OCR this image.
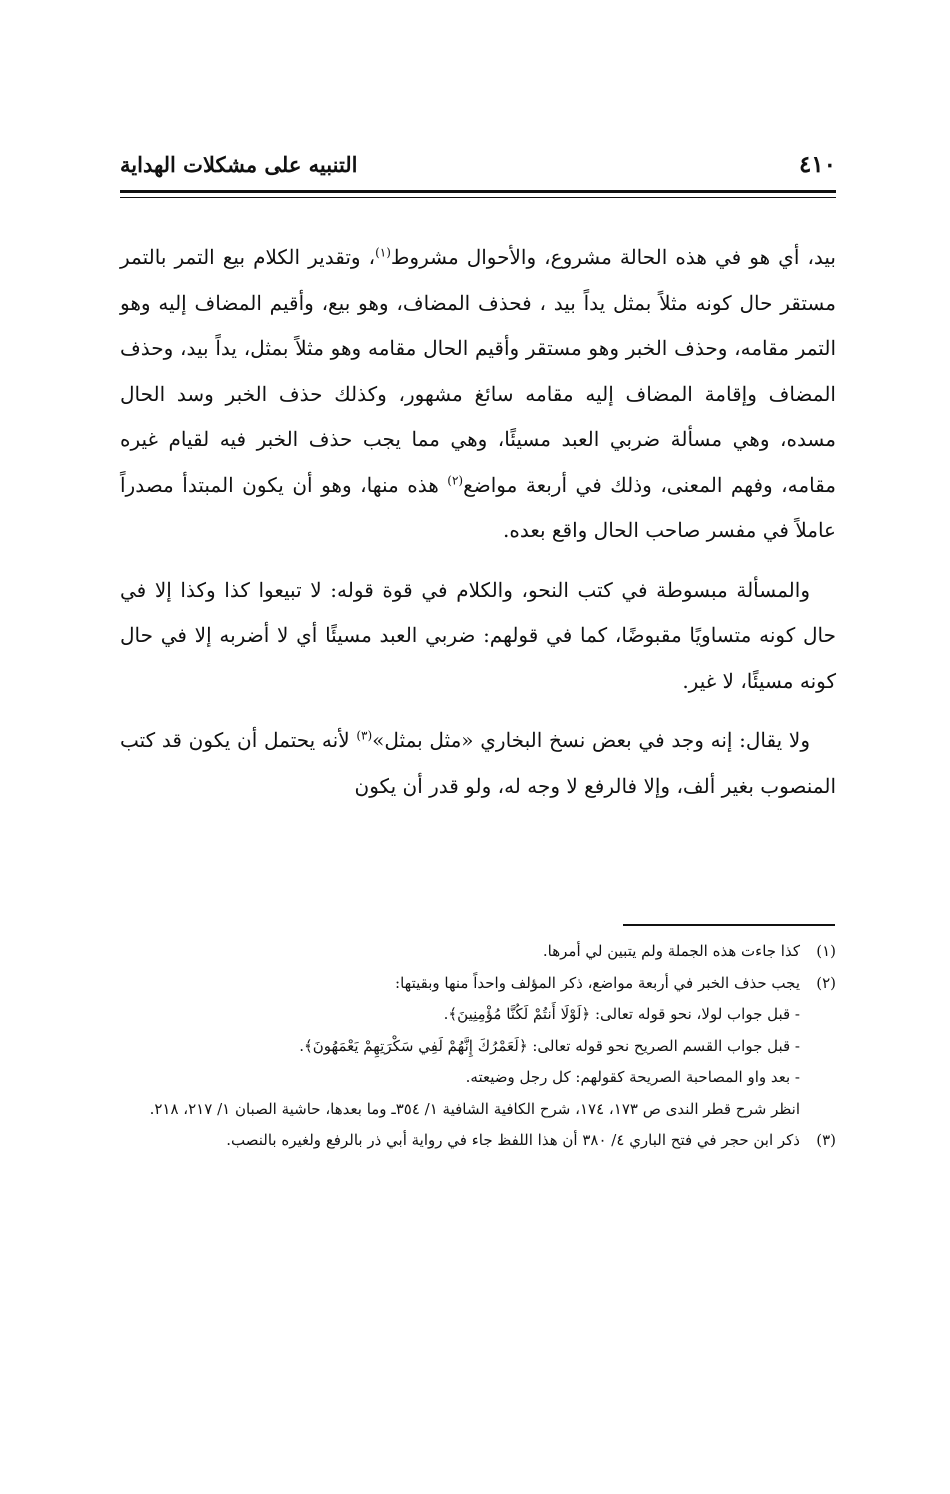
٤١٠
التنبيه على مشكلات الهداية

بيد، أي هو في هذه الحالة مشروع، والأحوال مشروط$^{(١)}$، وتقدير الكلام بيع التمر بالتمر مستقر حال كونه مثلاً بمثل يداً بيد ، فحذف المضاف، وهو بيع، وأقيم المضاف إليه وهو التمر مقامه، وحذف الخبر وهو مستقر وأقيم الحال مقامه وهو مثلاً بمثل، يداً بيد، وحذف المضاف وإقامة المضاف إليه مقامه سائغ مشهور، وكذلك حذف الخبر وسد الحال مسده، وهي مسألة ضربي العبد مسيئًا، وهي مما يجب حذف الخبر فيه لقيام غيره مقامه، وفهم المعنى، وذلك في أربعة مواضع$^{(٢)}$ هذه منها، وهو أن يكون المبتدأ مصدراً عاملاً في مفسر صاحب الحال واقع بعده.

والمسألة مبسوطة في كتب النحو، والكلام في قوة قوله: لا تبيعوا كذا وكذا إلا في حال كونه متساويًا مقبوضًا، كما في قولهم: ضربي العبد مسيئًا أي لا أضربه إلا في حال كونه مسيئًا، لا غير.

ولا يقال: إنه وجد في بعض نسخ البخاري «مثل بمثل»$^{(٣)}$ لأنه يحتمل أن يكون قد كتب المنصوب بغير ألف، وإلا فالرفع لا وجه له، ولو قدر أن يكون

(١)
كذا جاءت هذه الجملة ولم يتبين لي أمرها.
(٢)
يجب حذف الخبر في أربعة مواضع، ذكر المؤلف واحداً منها وبقيتها:
- قبل جواب لولا، نحو قوله تعالى: ﴿لَوْلَا أَنتُمْ لَكُنَّا مُؤْمِنِينَ﴾.
- قبل جواب القسم الصريح نحو قوله تعالى: ﴿لَعَمْرُكَ إِنَّهُمْ لَفِي سَكْرَتِهِمْ يَعْمَهُونَ﴾.
- بعد واو المصاحبة الصريحة كقولهم: كل رجل وضيعته.
انظر شرح قطر الندى ص ١٧٣، ١٧٤، شرح الكافية الشافية ١/ ٣٥٤ـ وما بعدها، حاشية الصبان ١/ ٢١٧، ٢١٨.
(٣)
ذكر ابن حجر في فتح الباري ٤/ ٣٨٠ أن هذا اللفظ جاء في رواية أبي ذر بالرفع ولغيره بالنصب.
